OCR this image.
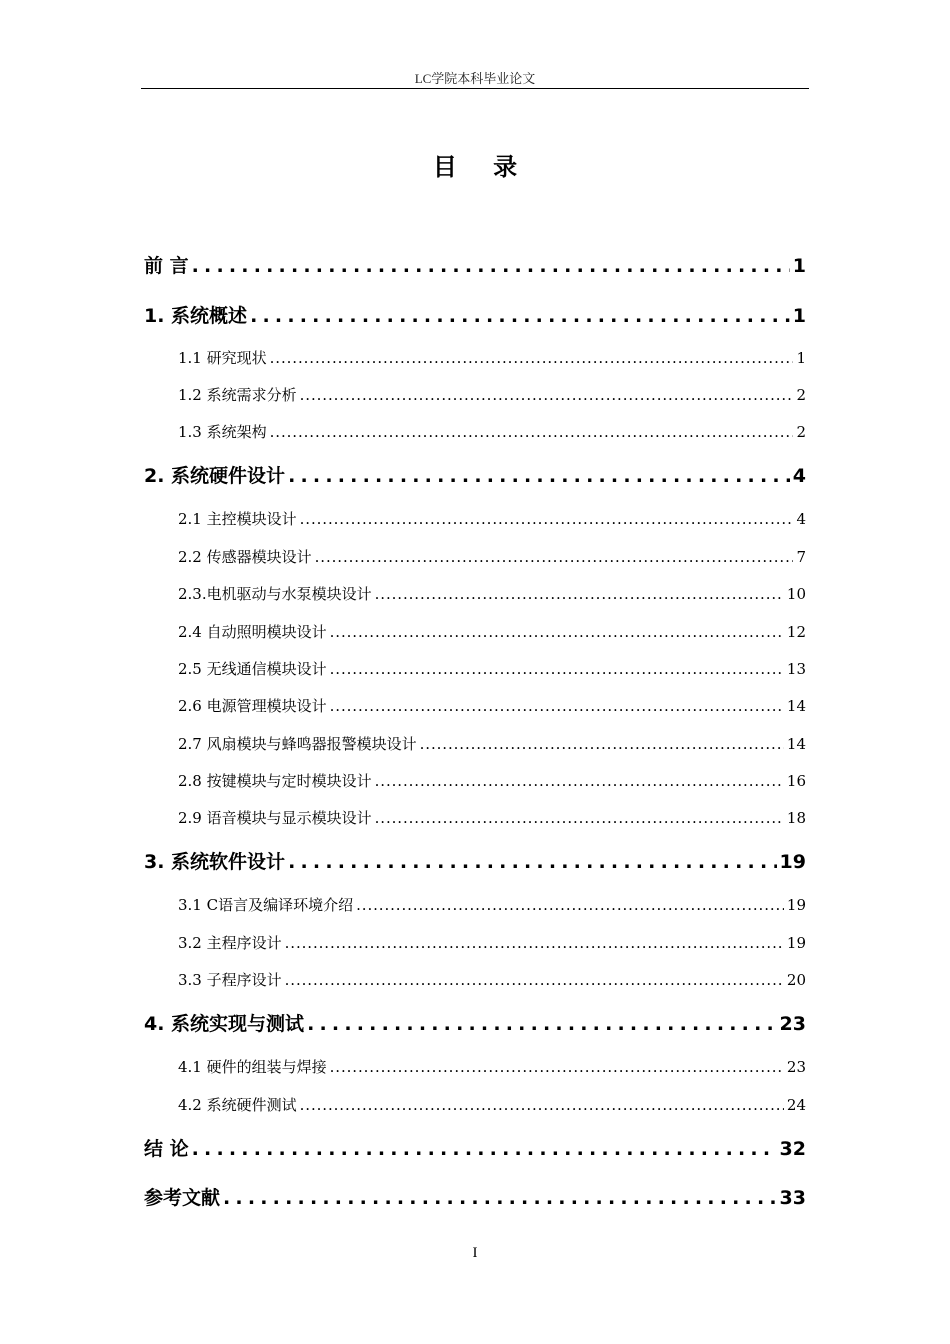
LC学院本科毕业论文
目 录
前 言 .....	1
1. 系统概述 .....	1
1.1 研究现状 .....	1
1.2 系统需求分析 .....	2
1.3 系统架构 .....	2
2. 系统硬件设计 .....	4
2.1 主控模块设计 .....	4
2.2 传感器模块设计 .....	7
2.3.电机驱动与水泵模块设计 .....	10
2.4 自动照明模块设计 .....	12
2.5 无线通信模块设计 .....	13
2.6 电源管理模块设计 .....	14
2.7 风扇模块与蜂鸣器报警模块设计 .....	14
2.8 按键模块与定时模块设计 .....	16
2.9 语音模块与显示模块设计 .....	18
3. 系统软件设计 .....	19
3.1 C语言及编译环境介绍 .....	19
3.2 主程序设计 .....	19
3.3 子程序设计 .....	20
4. 系统实现与测试 .....	23
4.1 硬件的组装与焊接 .....	23
4.2 系统硬件测试 .....	24
结 论 .....	32
参考文献 .....	33
I
